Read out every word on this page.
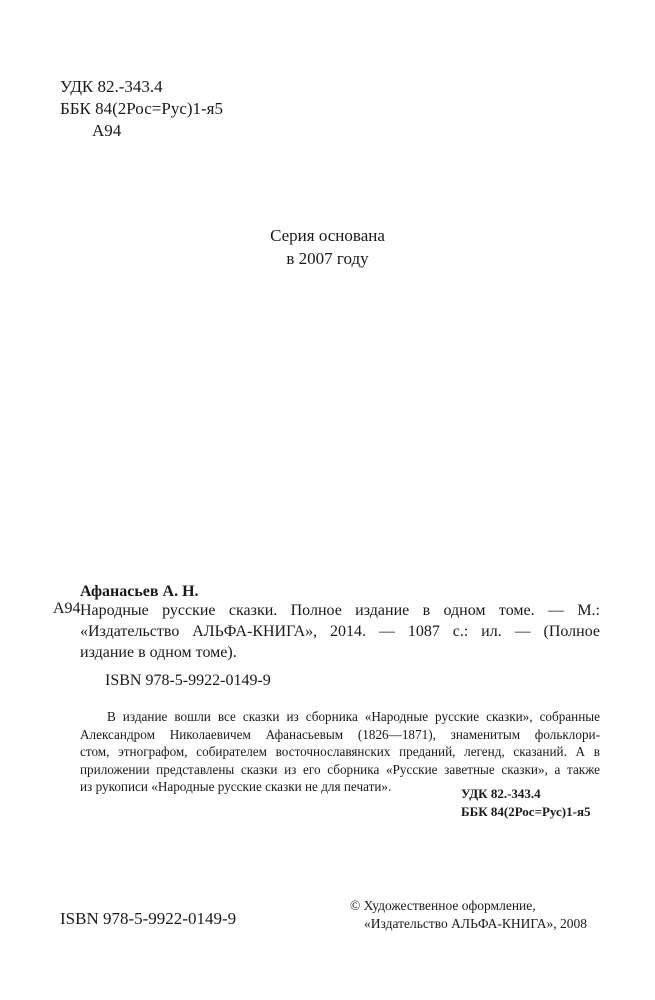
УДК 82.-343.4
ББК 84(2Рос=Рус)1-я5
А94
Серия основана
в 2007 году
Афанасьев А. Н.
А94 Народные русские сказки. Полное издание в одном томе. — М.:
«Издательство АЛЬФА-КНИГА», 2014. — 1087 с.: ил. — (Полное
издание в одном томе).
ISBN 978-5-9922-0149-9
В издание вошли все сказки из сборника «Народные русские сказки», собранные
Александром Николаевичем Афанасьевым (1826—1871), знаменитым фольклори-
стом, этнографом, собирателем восточнославянских преданий, легенд, сказаний. А в
приложении представлены сказки из его сборника «Русские заветные сказки», а также
из рукописи «Народные русские сказки не для печати».	УДК 82.-343.4
ББК 84(2Рос=Рус)1-я5
ISBN 978-5-9922-0149-9
© Художественное оформление,
«Издательство АЛЬФА-КНИГА», 2008
